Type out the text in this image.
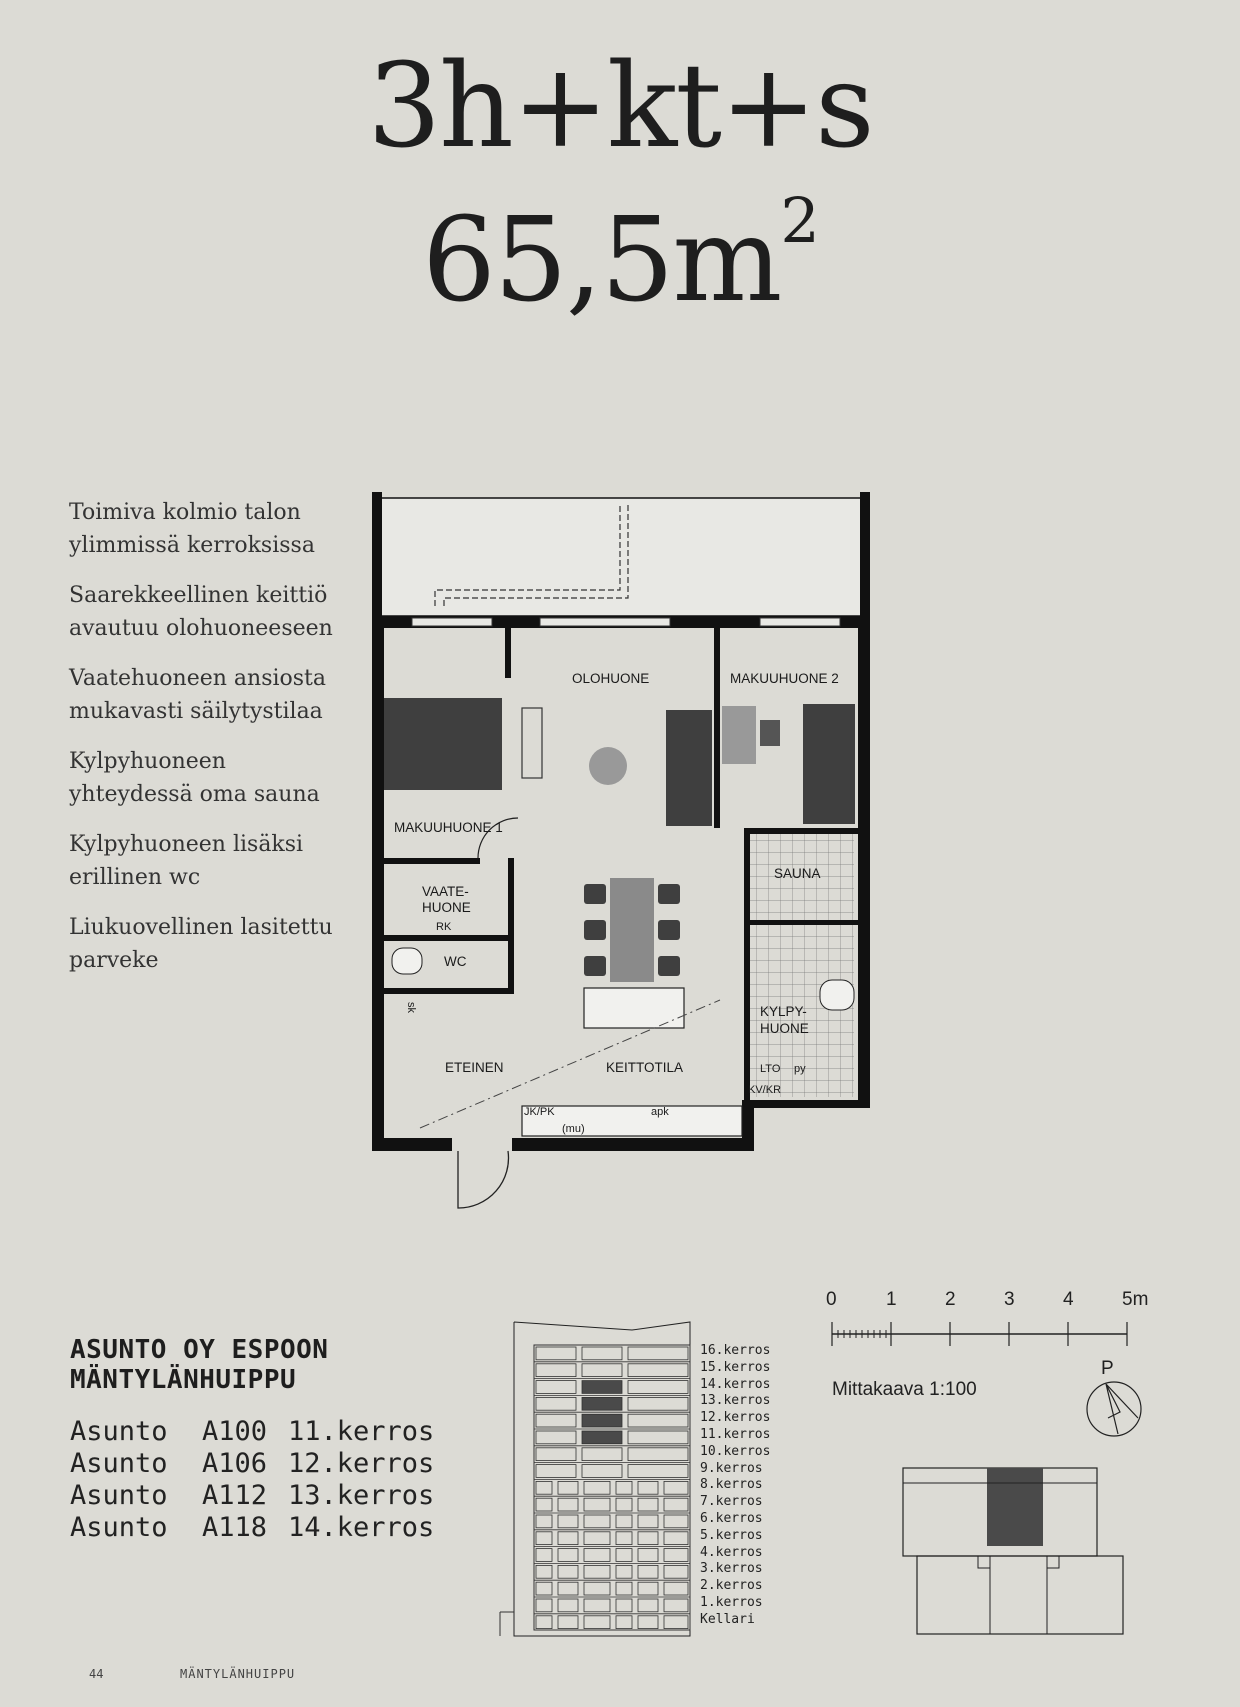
3h+kt+s
$65,5m^2$
Toimiva kolmio talon
ylimmissä kerroksissa
Saarekkeellinen keittiö
avautuu olohuoneeseen
Vaatehuoneen ansiosta
mukavasti säilytystilaa
Kylpyhuoneen
yhteydessä oma sauna
Kylpyhuoneen lisäksi
erillinen wc
Liukuovellinen lasitettu
parveke
OLOHUONE	MAKUUHUONE 2
MAKUUHUONE 1
VAATE-
HUONE
RK
WC
SAUNA
KYLPY-
HUONE
ETEINEN	KEITTOTILA
sk
LTO py
KV/KR
JK/PK	apk
(mu)
ASUNTO OY ESPOON
MÄNTYLÄNHUIPPU
Asunto A100 11.kerros
Asunto A106 12.kerros
Asunto A112 13.kerros
Asunto A118 14.kerros
16.kerros
15.kerros
14.kerros
13.kerros
12.kerros
11.kerros
10.kerros
9.kerros
8.kerros
7.kerros
6.kerros
5.kerros
4.kerros
3.kerros
2.kerros
1.kerros
Kellari
0	1	2	3	4	5m
Mittakaava 1:100
P
44	MÄNTYLÄNHUIPPU
